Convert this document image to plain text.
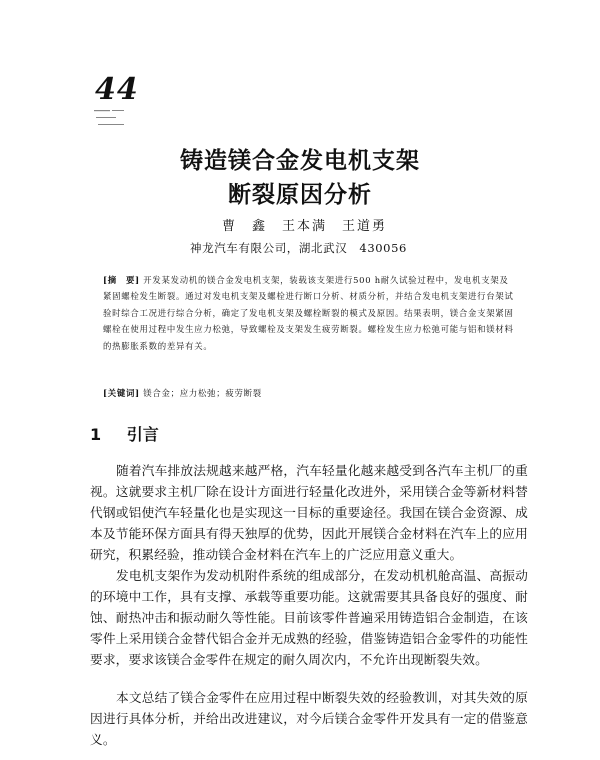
44
铸造镁合金发电机支架
断裂原因分析
曹　鑫　王本满　王道勇
神龙汽车有限公司，湖北武汉　430056
[摘　要] 开发某发动机的镁合金发电机支架，装载该支架进行500 h耐久试验过程中，发电机支架及紧固螺栓发生断裂。通过对发电机支架及螺栓进行断口分析、材质分析，并结合发电机支架进行台架试验时综合工况进行综合分析，确定了发电机支架及螺栓断裂的模式及原因。结果表明，镁合金支架紧固螺栓在使用过程中发生应力松弛，导致螺栓及支架发生疲劳断裂。螺栓发生应力松弛可能与铝和镁材料的热膨胀系数的差异有关。
[关键词] 镁合金；应力松弛；疲劳断裂
1 引言

随着汽车排放法规越来越严格，汽车轻量化越来越受到各汽车主机厂的重视。这就要求主机厂除在设计方面进行轻量化改进外，采用镁合金等新材料替代钢或铝使汽车轻量化也是实现这一目标的重要途径。我国在镁合金资源、成本及节能环保方面具有得天独厚的优势，因此开展镁合金材料在汽车上的应用研究，积累经验，推动镁合金材料在汽车上的广泛应用意义重大。

发电机支架作为发动机附件系统的组成部分，在发动机机舱高温、高振动的环境中工作，具有支撑、承载等重要功能。这就需要其具备良好的强度、耐蚀、耐热冲击和振动耐久等性能。目前该零件普遍采用铸造铝合金制造，在该零件上采用镁合金替代铝合金并无成熟的经验，借鉴铸造铝合金零件的功能性要求，要求该镁合金零件在规定的耐久周次内，不允许出现断裂失效。

本文总结了镁合金零件在应用过程中断裂失效的经验教训，对其失效的原因进行具体分析，并给出改进建议，对今后镁合金零件开发具有一定的借鉴意义。
